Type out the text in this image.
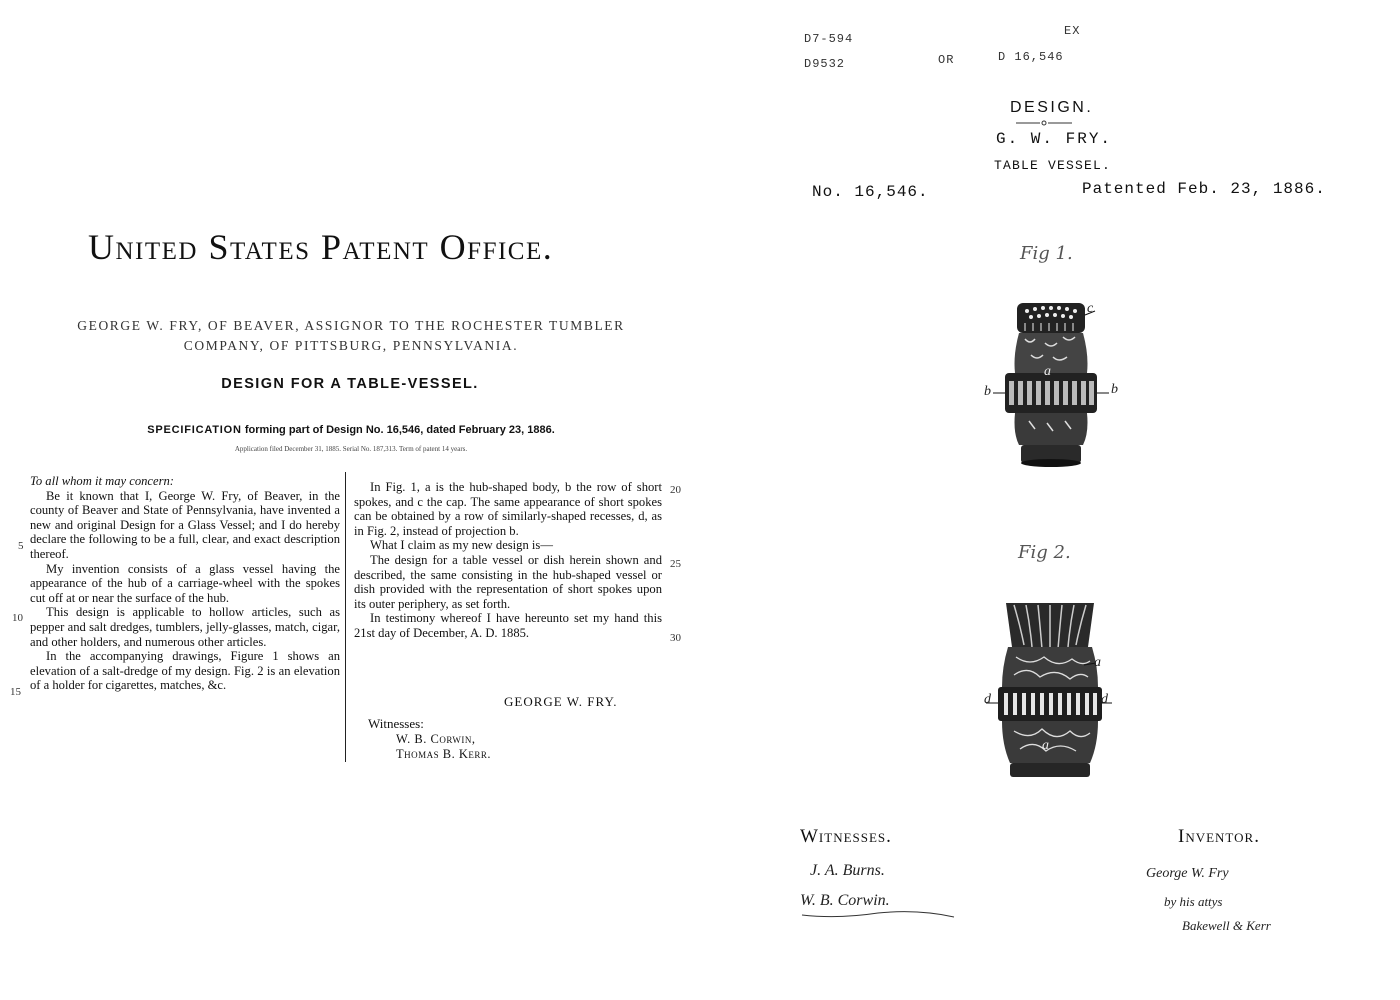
United States Patent Office.
GEORGE W. FRY, OF BEAVER, ASSIGNOR TO THE ROCHESTER TUMBLER COMPANY, OF PITTSBURG, PENNSYLVANIA.
DESIGN FOR A TABLE-VESSEL.
SPECIFICATION forming part of Design No. 16,546, dated February 23, 1886.
Application filed December 31, 1885. Serial No. 187,313. Term of patent 14 years.

To all whom it may concern:

Be it known that I, George W. Fry, of Beaver, in the county of Beaver and State of Pennsylvania, have invented a new and original Design for a Glass Vessel; and I do hereby declare the following to be a full, clear, and exact description thereof.

My invention consists of a glass vessel having the appearance of the hub of a carriage-wheel with the spokes cut off at or near the surface of the hub.

This design is applicable to hollow articles, such as pepper and salt dredges, tumblers, jelly-glasses, match, cigar, and other holders, and numerous other articles.

In the accompanying drawings, Figure 1 shows an elevation of a salt-dredge of my design. Fig. 2 is an elevation of a holder for cigarettes, matches, &c.

In Fig. 1, a is the hub-shaped body, b the row of short spokes, and c the cap. The same appearance of short spokes can be obtained by a row of similarly-shaped recesses, d, as in Fig. 2, instead of projection b.

What I claim as my new design is—

The design for a table vessel or dish herein shown and described, the same consisting in the hub-shaped vessel or dish provided with the representation of short spokes upon its outer periphery, as set forth.

In testimony whereof I have hereunto set my hand this 21st day of December, A. D. 1885.

5
10
15
20
25
30
GEORGE W. FRY.
Witnesses:
W. B. Corwin,
Thomas B. Kerr.
D7-594
D9532	OR	D 16,546
EX
DESIGN.
G. W. FRY.
TABLE VESSEL.
No. 16,546.	Patented Feb. 23, 1886.
Fig 1.
b	b
c
a
Fig 2.
a
d	d
a
Witnesses.
J. A. Burns.
W. B. Corwin.
Inventor.
George W. Fry
by his attys
Bakewell & Kerr
